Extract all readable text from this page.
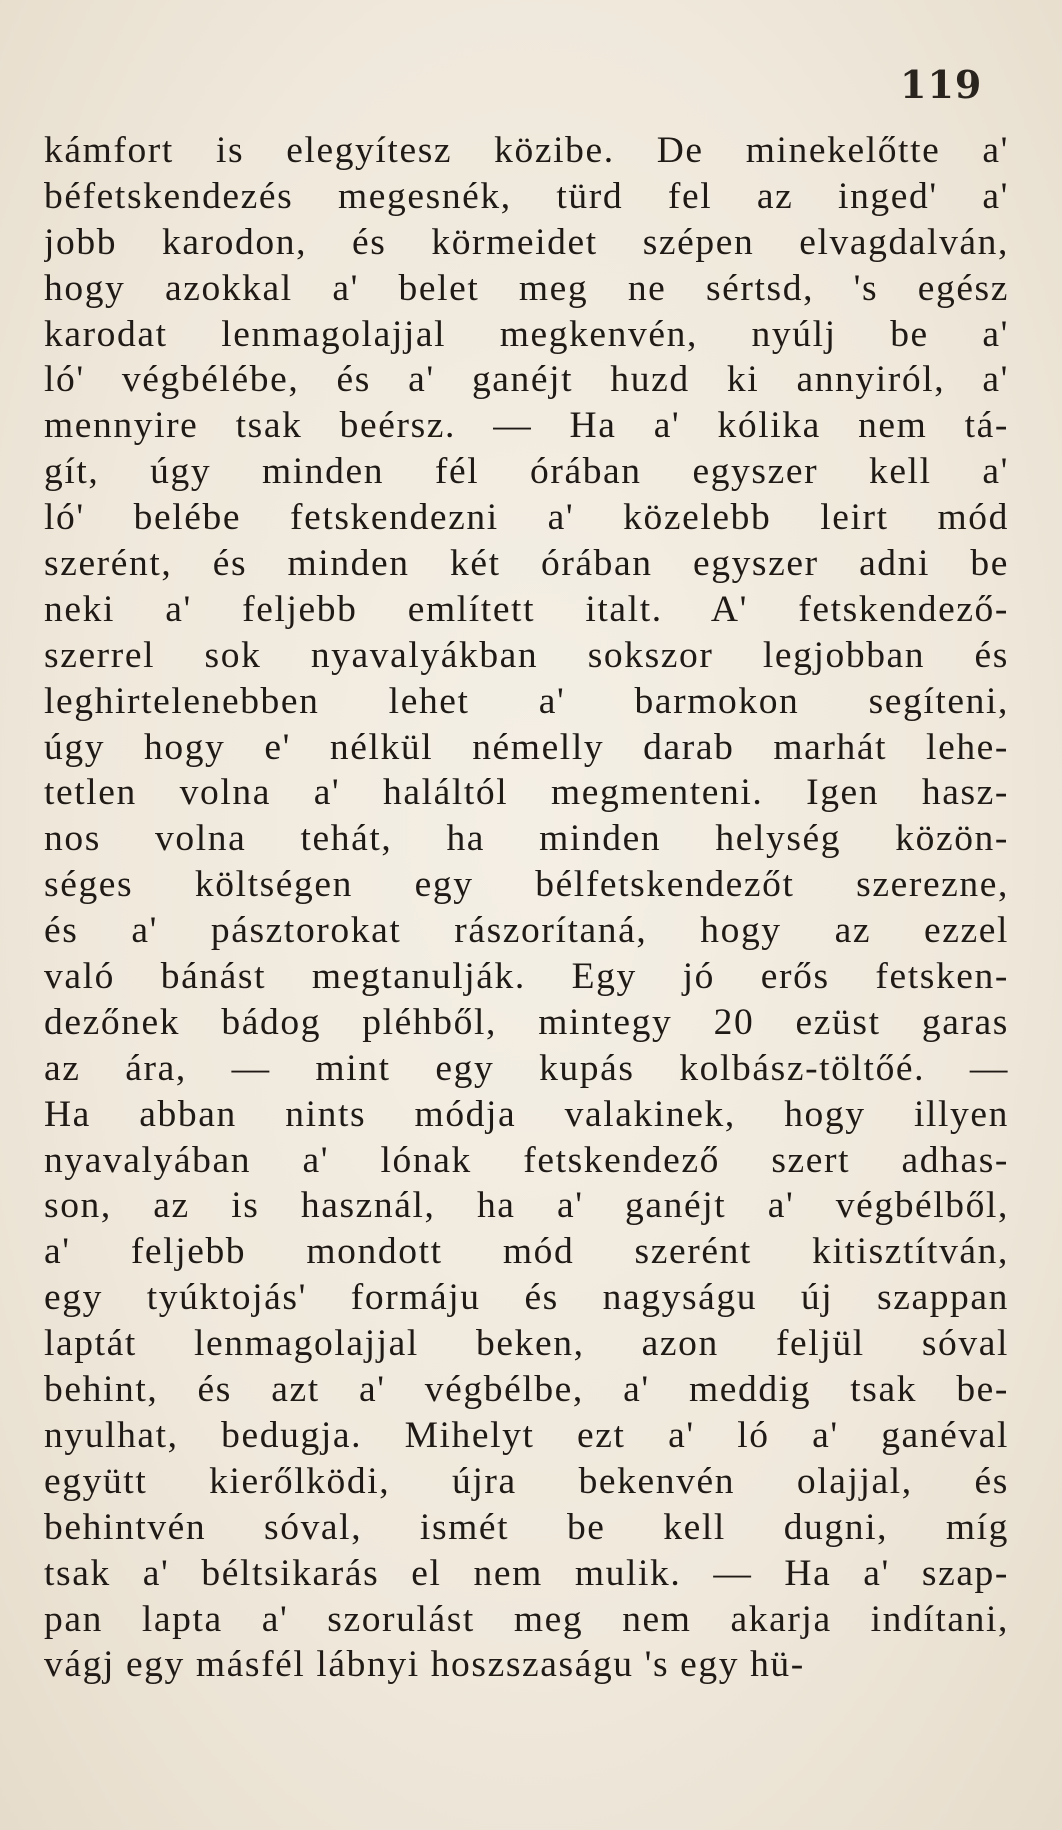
119
kámfort is elegyítesz közibe. De minekelőtte a'
béfetskendezés megesnék, türd fel az inged' a'
jobb karodon, és körmeidet szépen elvagdalván,
hogy azokkal a' belet meg ne sértsd, 's egész
karodat lenmagolajjal megkenvén, nyúlj be a'
ló' végbélébe, és a' ganéjt huzd ki annyiról, a'
mennyire tsak beérsz. — Ha a' kólika nem tá-
gít, úgy minden fél órában egyszer kell a'
ló' belébe fetskendezni a' közelebb leirt mód
szerént, és minden két órában egyszer adni be
neki a' feljebb említett italt. A' fetskendező-
szerrel sok nyavalyákban sokszor legjobban és
leghirtelenebben lehet a' barmokon segíteni,
úgy hogy e' nélkül némelly darab marhát lehe-
tetlen volna a' haláltól megmenteni. Igen hasz-
nos volna tehát, ha minden helység közön-
séges költségen egy bélfetskendezőt szerezne,
és a' pásztorokat rászorítaná, hogy az ezzel
való bánást megtanulják. Egy jó erős fetsken-
dezőnek bádog pléhből, mintegy 20 ezüst garas
az ára, — mint egy kupás kolbász-töltőé. —
Ha abban nints módja valakinek, hogy illyen
nyavalyában a' lónak fetskendező szert adhas-
son, az is használ, ha a' ganéjt a' végbélből,
a' feljebb mondott mód szerént kitisztítván,
egy tyúktojás' formáju és nagyságu új szappan
laptát lenmagolajjal beken, azon feljül sóval
behint, és azt a' végbélbe, a' meddig tsak be-
nyulhat, bedugja. Mihelyt ezt a' ló a' ganéval
együtt kierőlködi, újra bekenvén olajjal, és
behintvén sóval, ismét be kell dugni, míg
tsak a' béltsikarás el nem mulik. — Ha a' szap-
pan lapta a' szorulást meg nem akarja indítani,
vágj egy másfél lábnyi hoszszaságu 's egy hü-
